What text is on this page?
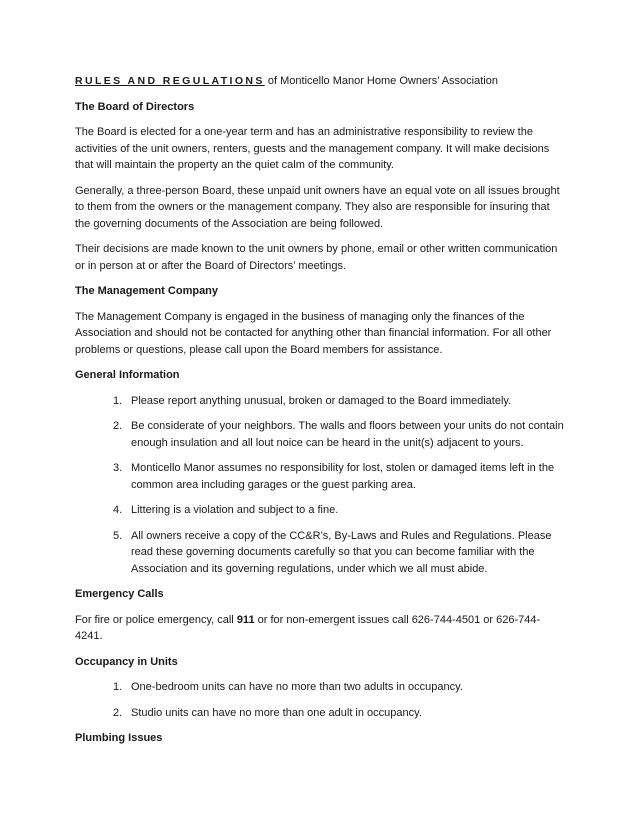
RULES AND REGULATIONS of Monticello Manor Home Owners’ Association
The Board of Directors

The Board is elected for a one-year term and has an administrative responsibility to review the activities of the unit owners, renters, guests and the management company. It will make decisions that will maintain the property an the quiet calm of the community.

Generally, a three-person Board, these unpaid unit owners have an equal vote on all issues brought to them from the owners or the management company. They also are responsible for insuring that the governing documents of the Association are being followed.

Their decisions are made known to the unit owners by phone, email or other written communication or in person at or after the Board of Directors’ meetings.

The Management Company

The Management Company is engaged in the business of managing only the finances of the Association and should not be contacted for anything other than financial information. For all other problems or questions, please call upon the Board members for assistance.

General Information
1. Please report anything unusual, broken or damaged to the Board immediately.
2. Be considerate of your neighbors. The walls and floors between your units do not contain enough insulation and all lout noice can be heard in the unit(s) adjacent to yours.
3. Monticello Manor assumes no responsibility for lost, stolen or damaged items left in the common area including garages or the guest parking area.
4. Littering is a violation and subject to a fine.
5. All owners receive a copy of the CC&R’s, By-Laws and Rules and Regulations. Please read these governing documents carefully so that you can become familiar with the Association and its governing regulations, under which we all must abide.
Emergency Calls

For fire or police emergency, call 911 or for non-emergent issues call 626-744-4501 or 626-744-4241.

Occupancy in Units
1. One-bedroom units can have no more than two adults in occupancy.
2. Studio units can have no more than one adult in occupancy.
Plumbing Issues
